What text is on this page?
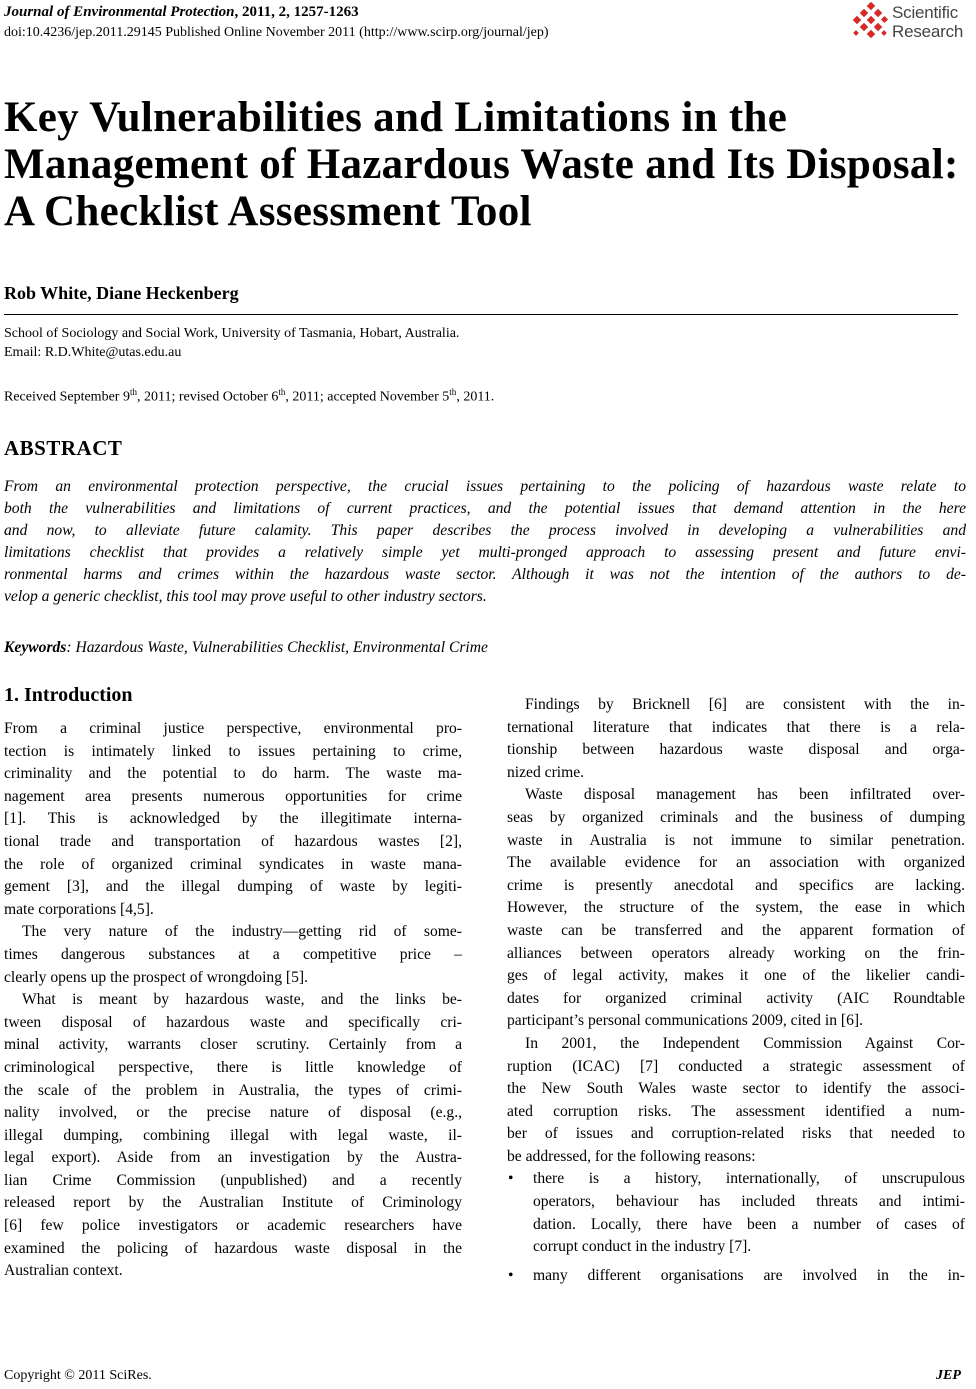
Journal of Environmental Protection, 2011, 2, 1257-1263
doi:10.4236/jep.2011.29145 Published Online November 2011 (http://www.scirp.org/journal/jep)
Scientific
Research
Key Vulnerabilities and Limitations in the
Management of Hazardous Waste and Its Disposal:
A Checklist Assessment Tool
Rob White, Diane Heckenberg
School of Sociology and Social Work, University of Tasmania, Hobart, Australia.
Email: R.D.White@utas.edu.au
Received September 9th, 2011; revised October 6th, 2011; accepted November 5th, 2011.
ABSTRACT
From an environmental protection perspective, the crucial issues pertaining to the policing of hazardous waste relate to
both the vulnerabilities and limitations of current practices, and the potential issues that demand attention in the here
and now, to alleviate future calamity. This paper describes the process involved in developing a vulnerabilities and
limitations checklist that provides a relatively simple yet multi-pronged approach to assessing present and future envi-
ronmental harms and crimes within the hazardous waste sector. Although it was not the intention of the authors to de-
velop a generic checklist, this tool may prove useful to other industry sectors.
Keywords: Hazardous Waste, Vulnerabilities Checklist, Environmental Crime
1. Introduction
From a criminal justice perspective, environmental pro-
tection is intimately linked to issues pertaining to crime,
criminality and the potential to do harm. The waste ma-
nagement area presents numerous opportunities for crime
[1]. This is acknowledged by the illegitimate interna-
tional trade and transportation of hazardous wastes [2],
the role of organized criminal syndicates in waste mana-
gement [3], and the illegal dumping of waste by legiti-
mate corporations [4,5].
The very nature of the industry—getting rid of some-
times dangerous substances at a competitive price –
clearly opens up the prospect of wrongdoing [5].
What is meant by hazardous waste, and the links be-
tween disposal of hazardous waste and specifically cri-
minal activity, warrants closer scrutiny. Certainly from a
criminological perspective, there is little knowledge of
the scale of the problem in Australia, the types of crimi-
nality involved, or the precise nature of disposal (e.g.,
illegal dumping, combining illegal with legal waste, il-
legal export). Aside from an investigation by the Austra-
lian Crime Commission (unpublished) and a recently
released report by the Australian Institute of Criminology
[6] few police investigators or academic researchers have
examined the policing of hazardous waste disposal in the
Australian context.
Findings by Bricknell [6] are consistent with the in-
ternational literature that indicates that there is a rela-
tionship between hazardous waste disposal and orga-
nized crime.
Waste disposal management has been infiltrated over-
seas by organized criminals and the business of dumping
waste in Australia is not immune to similar penetration.
The available evidence for an association with organized
crime is presently anecdotal and specifics are lacking.
However, the structure of the system, the ease in which
waste can be transferred and the apparent formation of
alliances between operators already working on the frin-
ges of legal activity, makes it one of the likelier candi-
dates for organized criminal activity (AIC Roundtable
participant’s personal communications 2009, cited in [6].
In 2001, the Independent Commission Against Cor-
ruption (ICAC) [7] conducted a strategic assessment of
the New South Wales waste sector to identify the associ-
ated corruption risks. The assessment identified a num-
ber of issues and corruption-related risks that needed to
be addressed, for the following reasons:
• there is a history, internationally, of unscrupulous
operators, behaviour has included threats and intimi-
dation. Locally, there have been a number of cases of
corrupt conduct in the industry [7].
• many different organisations are involved in the in-
Copyright © 2011 SciRes.	JEP
